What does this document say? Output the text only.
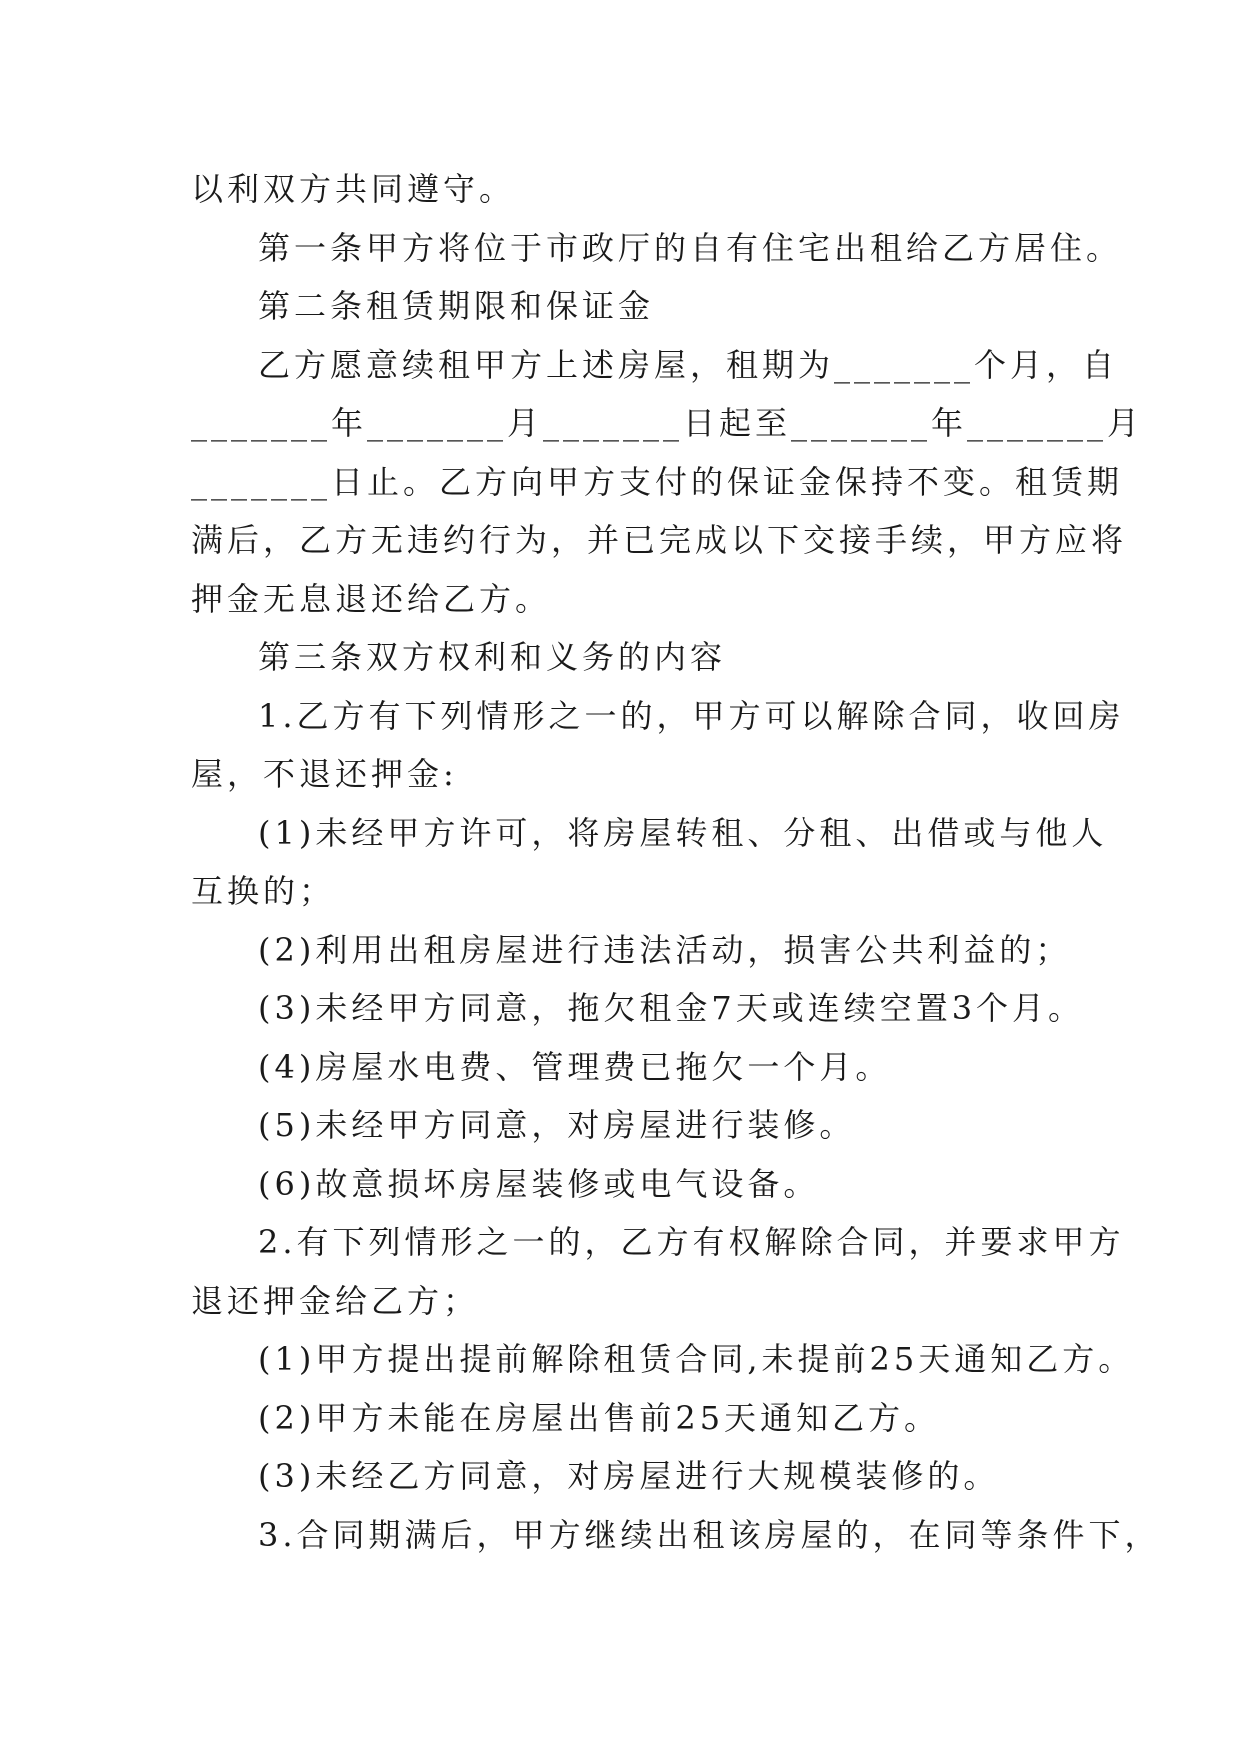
以利双方共同遵守。
第一条甲方将位于市政厅的自有住宅出租给乙方居住。
第二条租赁期限和保证金
乙方愿意续租甲方上述房屋，租期为_______个月，自
_______年_______月_______日起至_______年_______月
_______日止。乙方向甲方支付的保证金保持不变。租赁期
满后，乙方无违约行为，并已完成以下交接手续，甲方应将
押金无息退还给乙方。
第三条双方权利和义务的内容
1.乙方有下列情形之一的，甲方可以解除合同，收回房
屋，不退还押金:
(1)未经甲方许可，将房屋转租、分租、出借或与他人
互换的；
(2)利用出租房屋进行违法活动，损害公共利益的；
(3)未经甲方同意，拖欠租金7天或连续空置3个月。
(4)房屋水电费、管理费已拖欠一个月。
(5)未经甲方同意，对房屋进行装修。
(6)故意损坏房屋装修或电气设备。
2.有下列情形之一的，乙方有权解除合同，并要求甲方
退还押金给乙方；
(1)甲方提出提前解除租赁合同,未提前25天通知乙方。
(2)甲方未能在房屋出售前25天通知乙方。
(3)未经乙方同意，对房屋进行大规模装修的。
3.合同期满后，甲方继续出租该房屋的，在同等条件下，
